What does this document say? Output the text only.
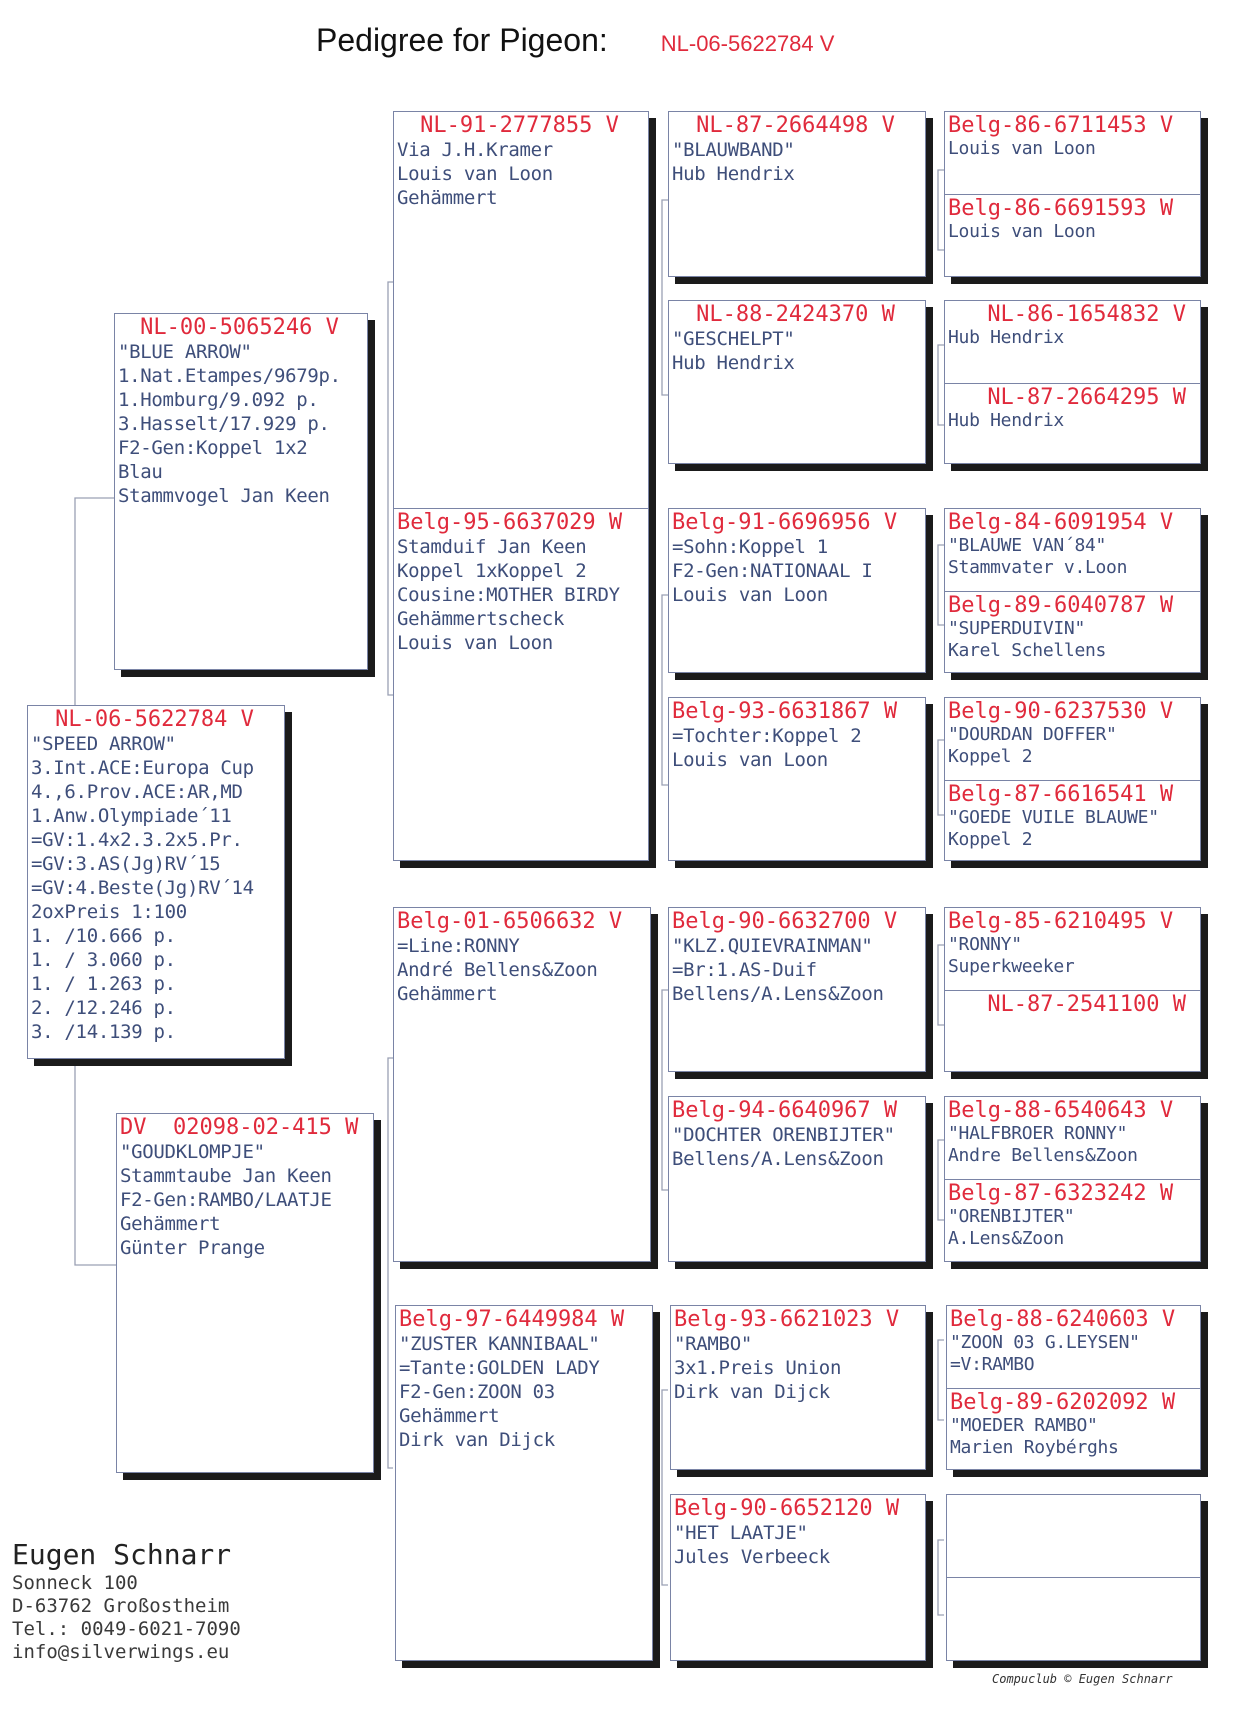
Pedigree for Pigeon: NL-06-5622784 V
NL-06-5622784 V
"SPEED ARROW"
3.Int.ACE:Europa Cup
4.,6.Prov.ACE:AR,MD
1.Anw.Olympiade´11
=GV:1.4x2.3.2x5.Pr.
=GV:3.AS(Jg)RV´15
=GV:4.Beste(Jg)RV´14
2oxPreis 1:100
1. /10.666 p.
1. / 3.060 p.
1. / 1.263 p.
2. /12.246 p.
3. /14.139 p.
NL-00-5065246 V
"BLUE ARROW"
1.Nat.Etampes/9679p.
1.Homburg/9.092 p.
3.Hasselt/17.929 p.
F2-Gen:Koppel 1x2
Blau
Stammvogel Jan Keen
DV  02098-02-415 W
"GOUDKLOMPJE"
Stammtaube Jan Keen
F2-Gen:RAMBO/LAATJE
Gehämmert
Günter Prange
NL-91-2777855 V
Via J.H.Kramer
Louis van Loon
Gehämmert
Belg-95-6637029 W
Stamduif Jan Keen
Koppel 1xKoppel 2
Cousine:MOTHER BIRDY
Gehämmertscheck
Louis van Loon
Belg-01-6506632 V
=Line:RONNY
André Bellens&Zoon
Gehämmert
Belg-97-6449984 W
"ZUSTER KANNIBAAL"
=Tante:GOLDEN LADY
F2-Gen:ZOON 03
Gehämmert
Dirk van Dijck
NL-87-2664498 V
"BLAUWBAND"
Hub Hendrix
NL-88-2424370 W
"GESCHELPT"
Hub Hendrix
Belg-91-6696956 V
=Sohn:Koppel 1
F2-Gen:NATIONAAL I
Louis van Loon
Belg-93-6631867 W
=Tochter:Koppel 2
Louis van Loon
Belg-90-6632700 V
"KLZ.QUIEVRAINMAN"
=Br:1.AS-Duif
Bellens/A.Lens&Zoon
Belg-94-6640967 W
"DOCHTER ORENBIJTER"
Bellens/A.Lens&Zoon
Belg-93-6621023 V
"RAMBO"
3x1.Preis Union
Dirk van Dijck
Belg-90-6652120 W
"HET LAATJE"
Jules Verbeeck
Belg-86-6711453 V
Louis van Loon
Belg-86-6691593 W
Louis van Loon
NL-86-1654832 V
Hub Hendrix
NL-87-2664295 W
Hub Hendrix
Belg-84-6091954 V
"BLAUWE VAN´84"
Stammvater v.Loon
Belg-89-6040787 W
"SUPERDUIVIN"
Karel Schellens
Belg-90-6237530 V
"DOURDAN DOFFER"
Koppel 2
Belg-87-6616541 W
"GOEDE VUILE BLAUWE"
Koppel 2
Belg-85-6210495 V
"RONNY"
Superkweeker
NL-87-2541100 W
Belg-88-6540643 V
"HALFBROER RONNY"
Andre Bellens&Zoon
Belg-87-6323242 W
"ORENBIJTER"
A.Lens&Zoon
Belg-88-6240603 V
"ZOON 03 G.LEYSEN"
=V:RAMBO
Belg-89-6202092 W
"MOEDER RAMBO"
Marien Roybérghs
Eugen Schnarr
Sonneck 100
D-63762 Großostheim
Tel.: 0049-6021-7090
info@silverwings.eu
Compuclub © Eugen Schnarr
